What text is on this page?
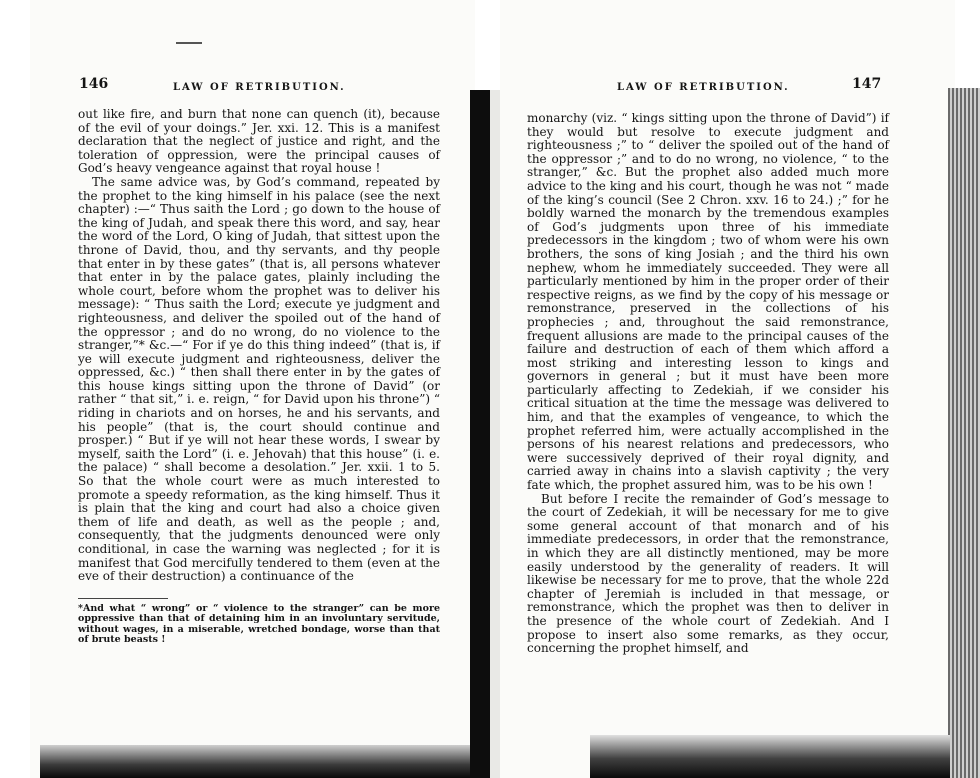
146	LAW OF RETRIBUTION.

out like fire, and burn that none can quench (it), because of the evil of your doings.” Jer. xxi. 12. This is a manifest declaration that the neglect of justice and right, and the toleration of oppression, were the principal causes of God’s heavy vengeance against that royal house !

The same advice was, by God’s command, repeated by the prophet to the king himself in his palace (see the next chapter) :—“ Thus saith the Lord ; go down to the house of the king of Judah, and speak there this word, and say, hear the word of the Lord, O king of Judah, that sittest upon the throne of David, thou, and thy servants, and thy people that enter in by these gates” (that is, all persons whatever that enter in by the palace gates, plainly including the whole court, before whom the prophet was to deliver his message): “ Thus saith the Lord; execute ye judgment and righteousness, and deliver the spoiled out of the hand of the oppressor ; and do no wrong, do no violence to the stranger,”* &c.—“ For if ye do this thing indeed” (that is, if ye will execute judgment and righteousness, deliver the oppressed, &c.) “ then shall there enter in by the gates of this house kings sitting upon the throne of David” (or rather “ that sit,” i. e. reign, “ for David upon his throne”) “ riding in chariots and on horses, he and his servants, and his people” (that is, the court should continue and prosper.) “ But if ye will not hear these words, I swear by myself, saith the Lord” (i. e. Jehovah) that this house” (i. e. the palace) “ shall become a desolation.” Jer. xxii. 1 to 5. So that the whole court were as much interested to promote a speedy reformation, as the king himself. Thus it is plain that the king and court had also a choice given them of life and death, as well as the people ; and, consequently, that the judgments denounced were only conditional, in case the warning was neglected ; for it is manifest that God mercifully tendered to them (even at the eve of their destruction) a continuance of the

*And what “ wrong” or “ violence to the stranger” can be more oppressive than that of detaining him in an involuntary servitude, without wages, in a miserable, wretched bondage, worse than that of brute beasts !
LAW OF RETRIBUTION.	147

monarchy (viz. “ kings sitting upon the throne of David”) if they would but resolve to execute judgment and righteousness ;” to “ deliver the spoiled out of the hand of the oppressor ;” and to do no wrong, no violence, “ to the stranger,” &c. But the prophet also added much more advice to the king and his court, though he was not “ made of the king’s council (See 2 Chron. xxv. 16 to 24.) ;” for he boldly warned the monarch by the tremendous examples of God’s judgments upon three of his immediate predecessors in the kingdom ; two of whom were his own brothers, the sons of king Josiah ; and the third his own nephew, whom he immediately succeeded. They were all particularly mentioned by him in the proper order of their respective reigns, as we find by the copy of his message or remonstrance, preserved in the collections of his prophecies ; and, throughout the said remonstrance, frequent allusions are made to the principal causes of the failure and destruction of each of them which afford a most striking and interesting lesson to kings and governors in general ; but it must have been more particularly affecting to Zedekiah, if we consider his critical situation at the time the message was delivered to him, and that the examples of vengeance, to which the prophet referred him, were actually accomplished in the persons of his nearest relations and predecessors, who were successively deprived of their royal dignity, and carried away in chains into a slavish captivity ; the very fate which, the prophet assured him, was to be his own !

But before I recite the remainder of God’s message to the court of Zedekiah, it will be necessary for me to give some general account of that monarch and of his immediate predecessors, in order that the remonstrance, in which they are all distinctly mentioned, may be more easily understood by the generality of readers. It will likewise be necessary for me to prove, that the whole 22d chapter of Jeremiah is included in that message, or remonstrance, which the prophet was then to deliver in the presence of the whole court of Zedekiah. And I propose to insert also some remarks, as they occur, concerning the prophet himself, and
